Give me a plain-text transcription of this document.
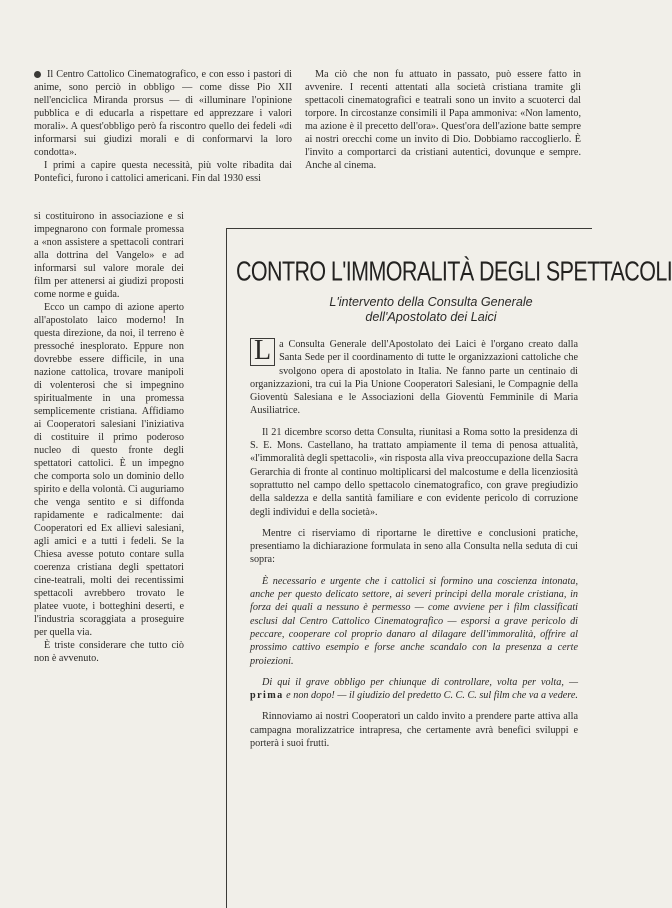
Il Centro Cattolico Cinematografico, e con esso i pastori di anime, sono perciò in obbligo — come disse Pio XII nell'enciclica Miranda prorsus — di «illuminare l'opinione pubblica e di educarla a rispettare ed apprezzare i valori morali». A quest'obbligo però fa riscontro quello dei fedeli «di informarsi sui giudizi morali e di conformarvi la loro condotta».

I primi a capire questa necessità, più volte ribadita dai Pontefici, furono i cattolici americani. Fin dal 1930 essi

si costituirono in associazione e si impegnarono con formale promessa a «non assistere a spettacoli contrari alla dottrina del Vangelo» e ad informarsi sul valore morale dei film per attenersi ai giudizi proposti come norme e guida.

Ecco un campo di azione aperto all'apostolato laico moderno! In questa direzione, da noi, il terreno è pressoché inesplorato. Eppure non dovrebbe essere difficile, in una nazione cattolica, trovare manipoli di volenterosi che si impegnino spiritualmente in una promessa semplicemente cristiana. Affidiamo ai Cooperatori salesiani l'iniziativa di costituire il primo poderoso nucleo di questo fronte degli spettatori cattolici. È un impegno che comporta solo un dominio dello spirito e della volontà. Ci auguriamo che venga sentito e si diffonda rapidamente e radicalmente: dai Cooperatori ed Ex allievi salesiani, agli amici e a tutti i fedeli. Se la Chiesa avesse potuto contare sulla coerenza cristiana degli spettatori cine-teatrali, molti dei recentissimi spettacoli avrebbero trovato le platee vuote, i botteghini deserti, e l'industria scoraggiata a proseguire per quella via.

È triste considerare che tutto ciò non è avvenuto.

Ma ciò che non fu attuato in passato, può essere fatto in avvenire. I recenti attentati alla società cristiana tramite gli spettacoli cinematografici e teatrali sono un invito a scuoterci dal torpore. In circostanze consimili il Papa ammoniva: «Non lamento, ma azione è il precetto dell'ora». Quest'ora dell'azione batte sempre ai nostri orecchi come un invito di Dio. Dobbiamo raccoglierlo. È l'invito a comportarci da cristiani autentici, dovunque e sempre. Anche al cinema.

CONTRO L'IMMORALITÀ DEGLI SPETTACOLI
L'intervento della Consulta Generale
dell'Apostolato dei Laici

L a Consulta Generale dell'Apostolato dei Laici è l'organo creato dalla Santa Sede per il coordinamento di tutte le organizzazioni cattoliche che svolgono opera di apostolato in Italia. Ne fanno parte un centinaio di organizzazioni, tra cui la Pia Unione Cooperatori Salesiani, le Compagnie della Gioventù Salesiana e le Associazioni della Gioventù Femminile di Maria Ausiliatrice.

Il 21 dicembre scorso detta Consulta, riunitasi a Roma sotto la presidenza di S. E. Mons. Castellano, ha trattato ampiamente il tema di penosa attualità, «l'immoralità degli spettacoli», «in risposta alla viva preoccupazione della Sacra Gerarchia di fronte al continuo moltiplicarsi del malcostume e della licenziosità soprattutto nel campo dello spettacolo cinematografico, con grave pregiudizio della saldezza e della santità familiare e con evidente pericolo di corruzione degli individui e della società».

Mentre ci riserviamo di riportarne le direttive e conclusioni pratiche, presentiamo la dichiarazione formulata in seno alla Consulta nella seduta di cui sopra:

È necessario e urgente che i cattolici si formino una coscienza intonata, anche per questo delicato settore, ai severi principi della morale cristiana, in forza dei quali a nessuno è permesso — come avviene per i film classificati esclusi dal Centro Cattolico Cinematografico — esporsi a grave pericolo di peccare, cooperare col proprio danaro al dilagare dell'immoralità, offrire al prossimo cattivo esempio e forse anche scandalo con la presenza a certe proiezioni.

Di qui il grave obbligo per chiunque di controllare, volta per volta, — prima e non dopo! — il giudizio del predetto C. C. C. sul film che va a vedere.

Rinnoviamo ai nostri Cooperatori un caldo invito a prendere parte attiva alla campagna moralizzatrice intrapresa, che certamente avrà benefici sviluppi e porterà i suoi frutti.
